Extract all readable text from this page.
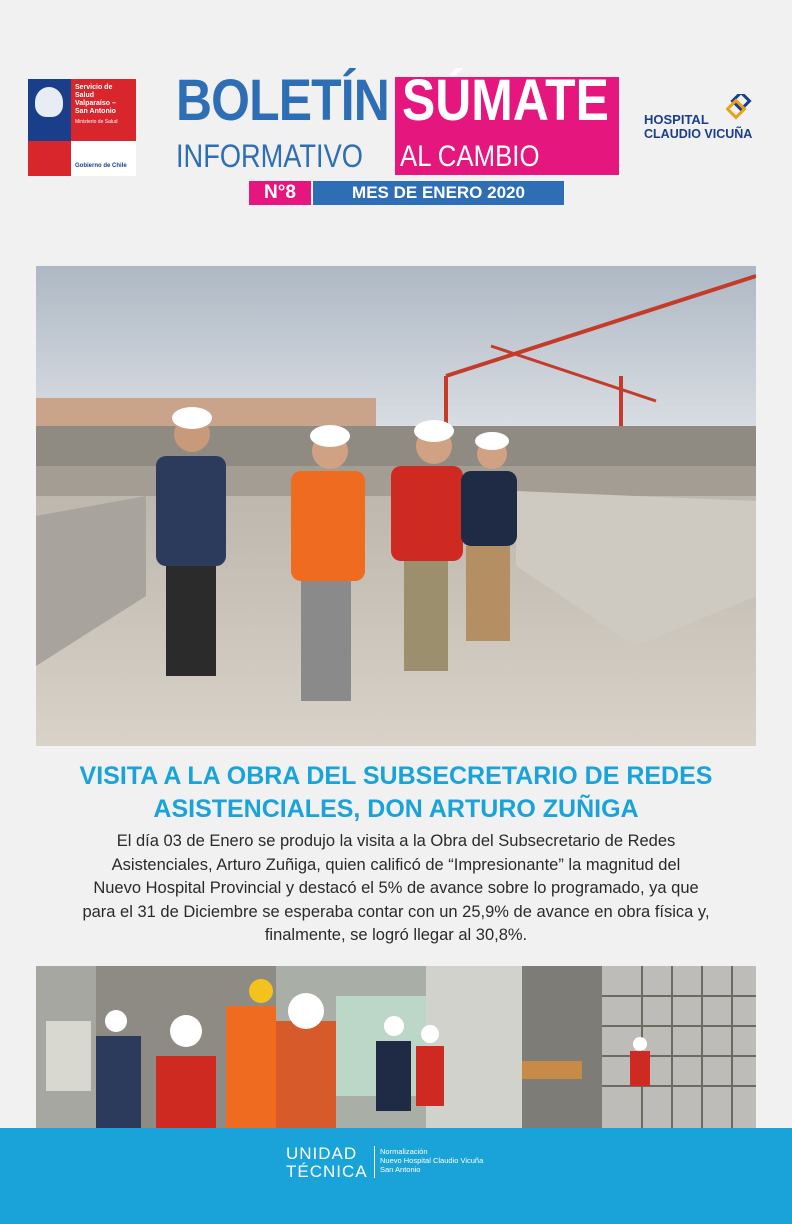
Servicio de Salud
Valparaíso –
San Antonio
Ministerio de Salud
Gobierno de Chile
BOLETÍN
INFORMATIVO
SÚMATE
AL CAMBIO
N°8	MES DE ENERO 2020
HOSPITAL
CLAUDIO VICUÑA
VISITA A LA OBRA DEL SUBSECRETARIO DE REDES
ASISTENCIALES, DON ARTURO ZUÑIGA
El día 03 de Enero se produjo la visita a la Obra del Subsecretario de Redes
Asistenciales, Arturo Zuñiga, quien calificó de “Impresionante” la magnitud del
Nuevo Hospital Provincial y destacó el 5% de avance sobre lo programado, ya que
para el 31 de Diciembre se esperaba contar con un 25,9% de avance en obra física y,
finalmente, se logró llegar al 30,8%.
UNIDAD
TÉCNICA
Normalización
Nuevo Hospital Claudio Vicuña
San Antonio
